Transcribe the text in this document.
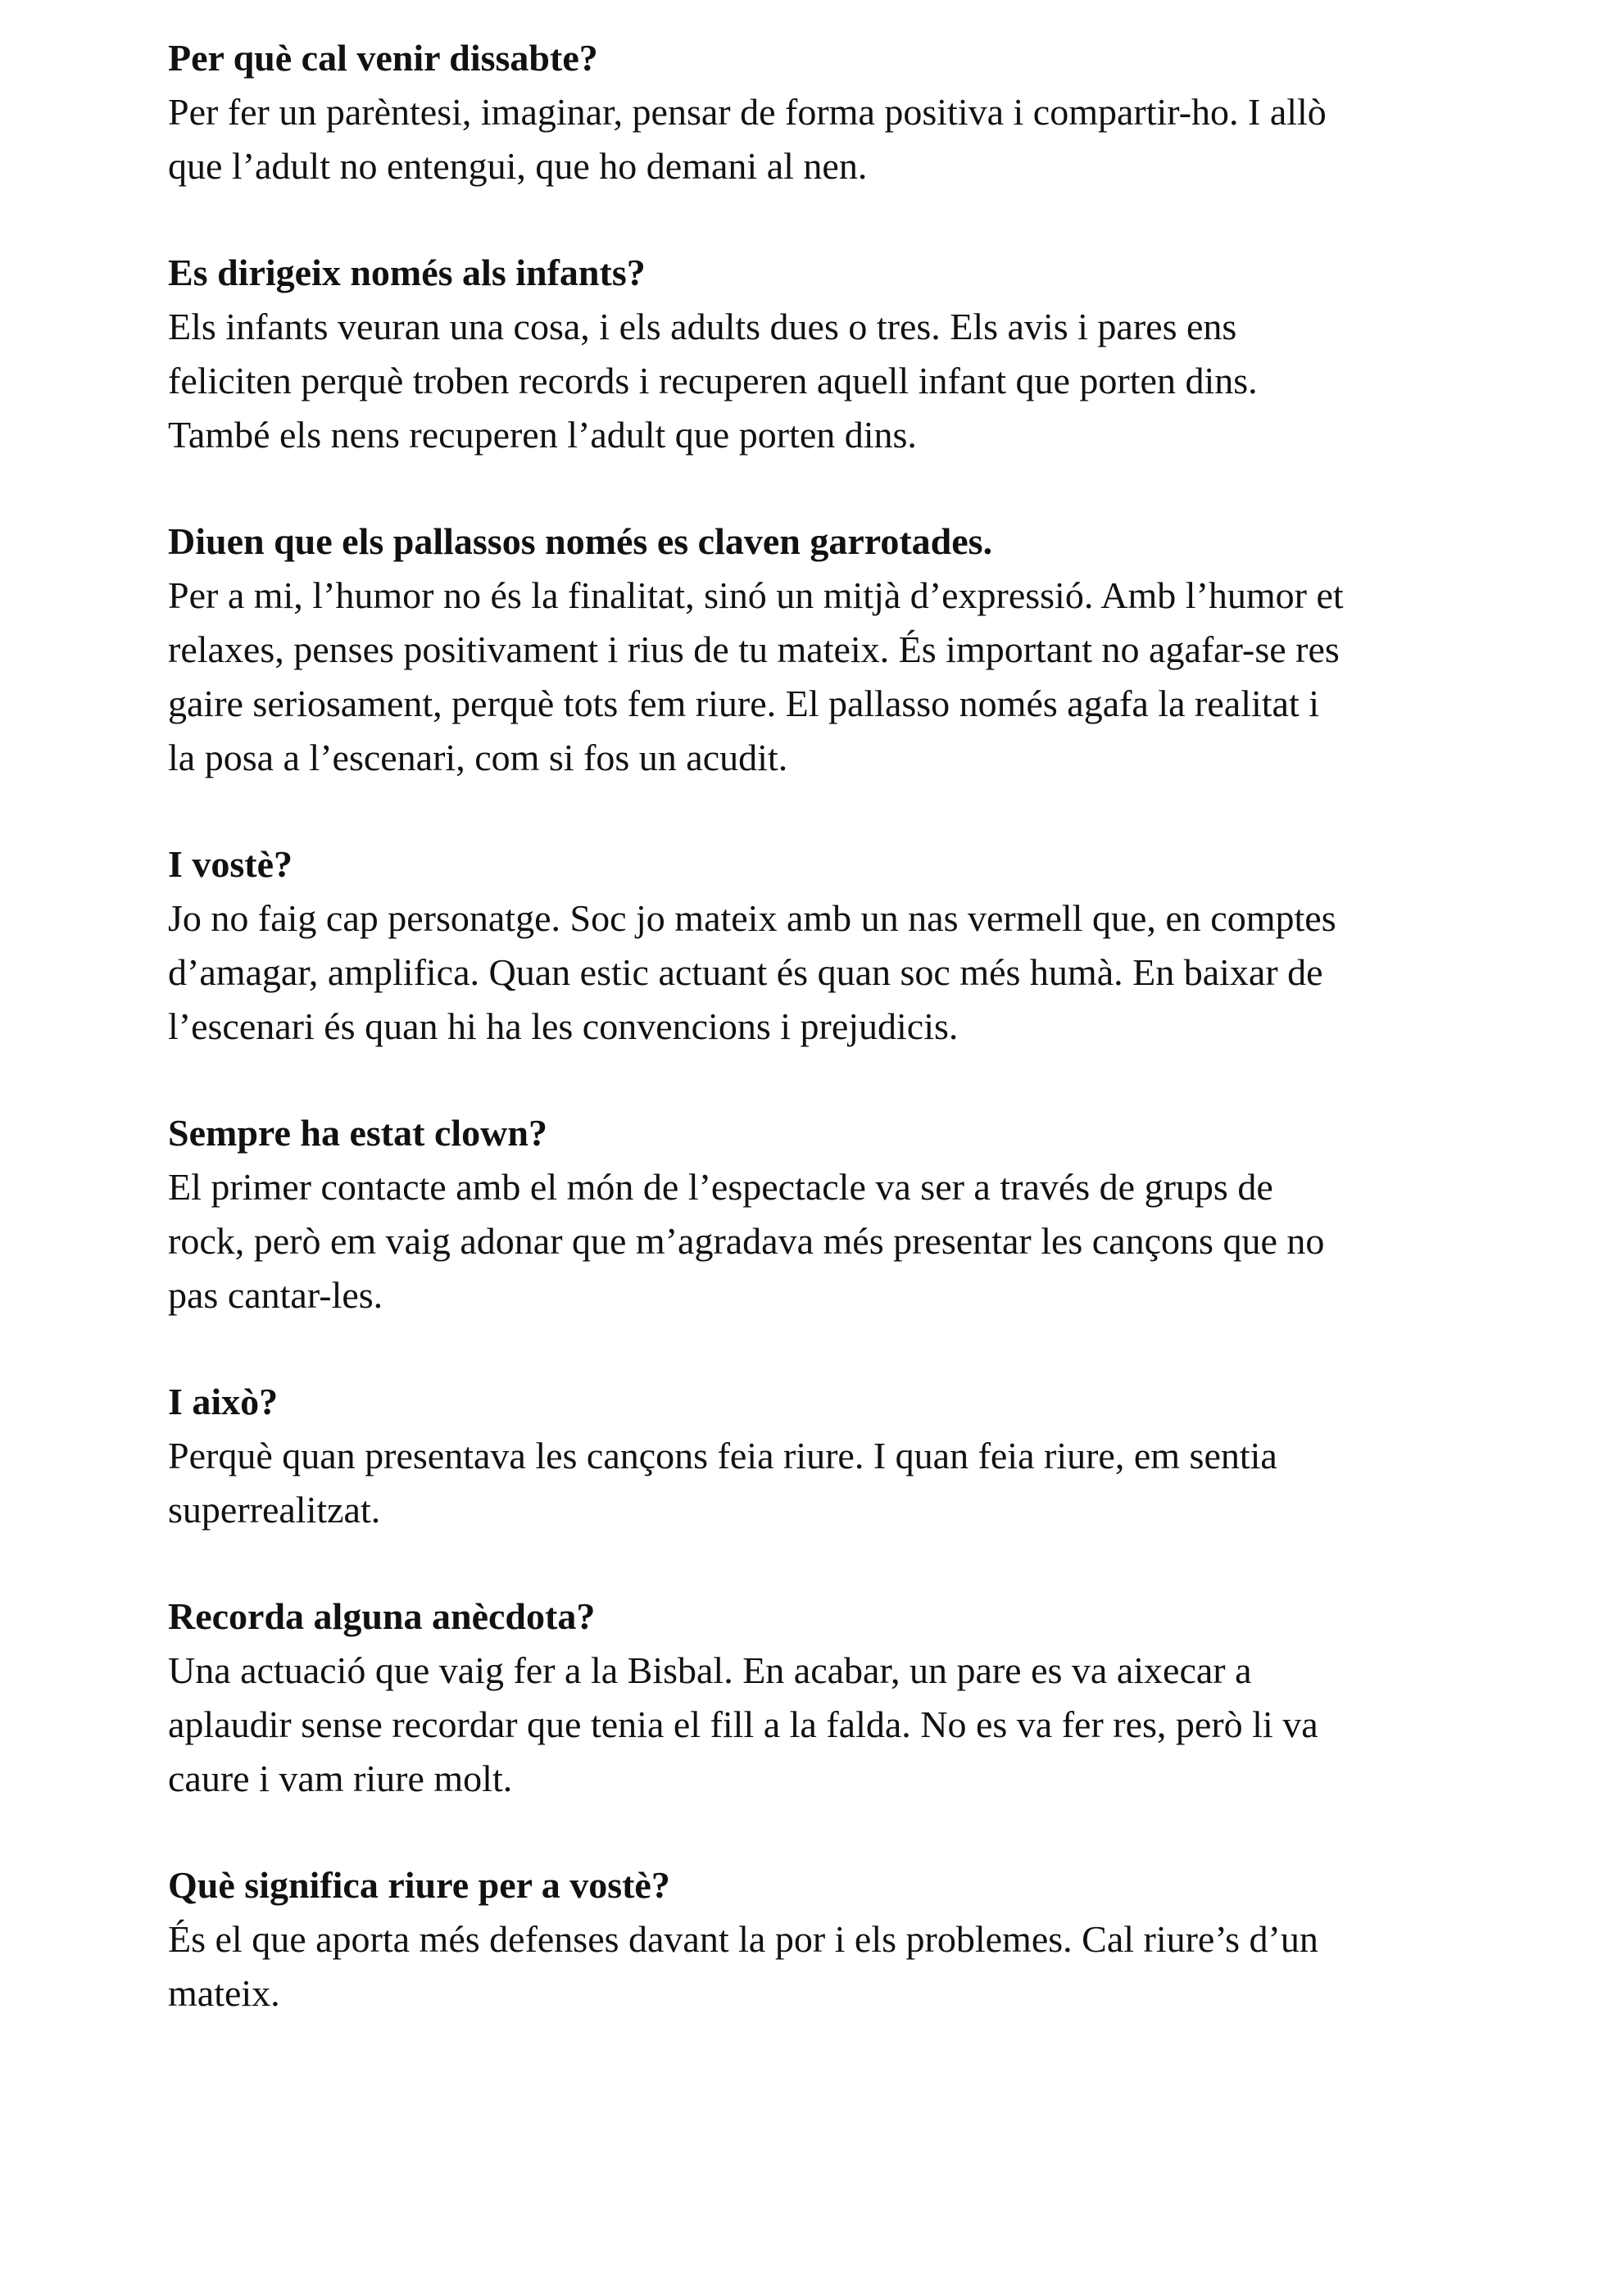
Per què cal venir dissabte?
Per fer un parèntesi, imaginar, pensar de forma positiva i compartir-ho. I allò
que l’adult no entengui, que ho demani al nen.
Es dirigeix només als infants?
Els infants veuran una cosa, i els adults dues o tres. Els avis i pares ens
feliciten perquè troben records i recuperen aquell infant que porten dins.
També els nens recuperen l’adult que porten dins.
Diuen que els pallassos només es claven garrotades.
Per a mi, l’humor no és la finalitat, sinó un mitjà d’expressió. Amb l’humor et
relaxes, penses positivament i rius de tu mateix. És important no agafar-se res
gaire seriosament, perquè tots fem riure. El pallasso només agafa la realitat i
la posa a l’escenari, com si fos un acudit.
I vostè?
Jo no faig cap personatge. Soc jo mateix amb un nas vermell que, en comptes
d’amagar, amplifica. Quan estic actuant és quan soc més humà. En baixar de
l’escenari és quan hi ha les convencions i prejudicis.
Sempre ha estat clown?
El primer contacte amb el món de l’espectacle va ser a través de grups de
rock, però em vaig adonar que m’agradava més presentar les cançons que no
pas cantar-les.
I això?
Perquè quan presentava les cançons feia riure. I quan feia riure, em sentia
superrealitzat.
Recorda alguna anècdota?
Una actuació que vaig fer a la Bisbal. En acabar, un pare es va aixecar a
aplaudir sense recordar que tenia el fill a la falda. No es va fer res, però li va
caure i vam riure molt.
Què significa riure per a vostè?
És el que aporta més defenses davant la por i els problemes. Cal riure’s d’un
mateix.
